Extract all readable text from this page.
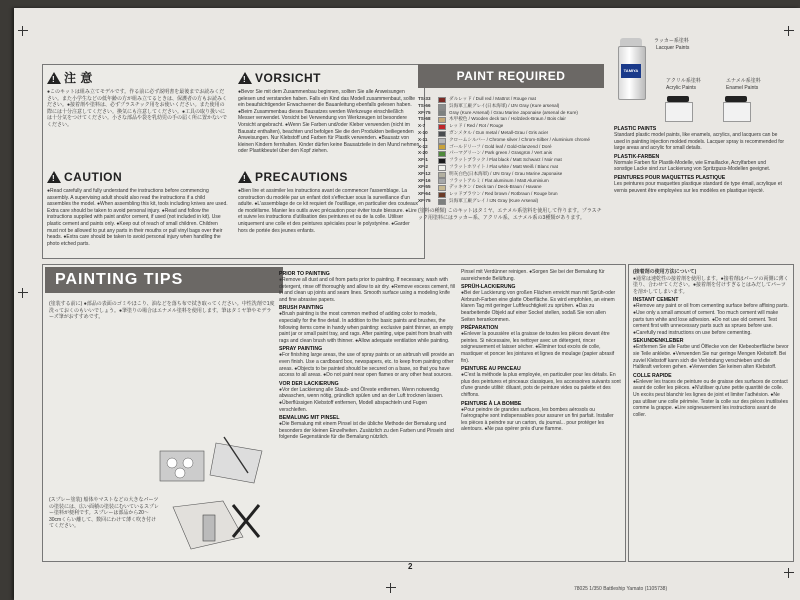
! 注 意
●このキットは組み立てモデルです。作る前に必ず説明書を最後までお読みください。また小学生などの低年齢の方が組み立てるときは、保護者の方もお読みください。●接着剤や塗料は、必ずプラスチック用をお使いください。また使用の際には十分注意してください。換気にも注意してください。●工具の取り扱いには十分気をつけてください。小さな部品や袋を乳幼児の手の届く所に置かないでください。
! VORSICHT
●Bevor Sie mit dem Zusammenbau beginnen, sollten Sie alle Anweisungen gelesen und verstanden haben. Falls ein Kind das Modell zusammenbaut, sollte ein beaufsichtigender Erwachsener die Bauanleitung ebenfalls gelesen haben. ●Beim Zusammenbau dieses Bausatzes werden Werkzeuge einschließlich Messer verwendet. Vorsicht bei Verwendung von Werkzeugen ist besondere Vorsicht angebracht. ●Wenn Sie Farben und/oder Kleber verwenden (nicht im Bausatz enthalten), beachten und befolgen Sie die den Produkten beiliegenden Anweisungen. Nur Klebstoff und Farben für Plastik verwenden. ●Bausatz von kleinen Kindern fernhalten. Kinder dürfen keine Bausatzteile in den Mund nehmen oder Plastikbeutel über den Kopf ziehen.
! CAUTION
●Read carefully and fully understand the instructions before commencing assembly. A supervising adult should also read the instructions if a child assembles the model. ●When assembling this kit, tools including knives are used. Extra care should be taken to avoid personal injury. ●Read and follow the instructions supplied with paint and/or cement, if used (not included in kit). Use plastic cement and paints only. ●Keep out of reach of small children. Children must not be allowed to put any parts in their mouths or pull vinyl bags over their heads. ●Extra care should be taken to avoid personal injury when handling the photo etched parts.
! PRECAUTIONS
●Bien lire et assimiler les instructions avant de commencer l'assemblage. La construction du modèle par un enfant doit s'effectuer sous la surveillance d'un adulte. ●L'assemblage de ce kit requiert de l'outillage, en particulier des couteaux de modélisme. Manier les outils avec précaution pour éviter toute blessure. ●Lire et suivre les instructions d'utilisation des peintures et ou de la colle. Utiliser uniquement une colle et des peintures spéciales pour le polystyrène. ●Garder hors de portée des jeunes enfants.
PAINT REQUIRED
TS-33	ダルレッド / Dull red / Mattrot / Rouge mat
TS-66	呉海軍工廠グレイ(日本海軍) / IJN Gray (Kure arsenal)
XF-75	Gray (Kure Arsenal) / Grau Marine Japonaise (arsenal de Kure)
TS-68	木甲板色 / Wooden deck tan / Holzdeck-Braun / Bois clair
X-7	レッド / Red / Rot / Rouge
X-10	ガンメタル / Gun metal / Metall-Grau / Gris acier
X-11	クロームシルバー / Chrome silver / Chrom-Silber / Aluminium chromé
X-12	ゴールドリーフ / Gold leaf / Gold-Glanzend / Doré
X-20	パーマグリーン / Park green / Grasgrün / Vert anis
XF-1	フラットブラック / Flat black / Matt Schwarz / Noir mat
XF-2	フラットホワイト / Flat white / Matt Weiß / Blanc mat
XF-12	明灰白色(日本海軍) / IJN Gray / Grau Marine Japonaise
XF-16	フラットアルミ / Flat aluminum / Matt Aluminium
XF-55	デッキタン / Deck tan / Deck-Braun / Havane
XF-64	レッドブラウン / Red brown / Rotbraun / Rouge brun
XF-75	呉海軍工廠グレイ / IJN Gray (Kure Arsenal)
(塗料の種類) このキットはタミヤ、エナメル系塗料を使用して作ります。プラスチック用塗料にはラッカー系、アクリル系、エナメル系の3種類があります。
TAMIYA
ラッカー系塗料
Lacquer Paints
アクリル系塗料
Acrylic Paints
エナメル系塗料
Enamel Paints
PLASTIC PAINTS
Standard plastic model paints, like enamels, acrylics, and lacquers can be used in painting injection molded models. Lacquer spray is recommended for large areas and acrylic for small details.
PLASTIK-FARBEN
Normale Farben für Plastik-Modelle, wie Emaillacke, Acrylfarben und sonstige Lacke sind zur Lackierung von Spritzguss-Modellen geeignet.
PEINTURES POUR MAQUETTES PLASTIQUE
Les peintures pour maquettes plastique standard de type émail, acrylique et vernis peuvent être employées sur les modèles en plastique injecté.
PAINTING TIPS
(塗装する前に) ●部品の表面のゴミやほこり、油などを落ち布で拭き取ってください。中性洗剤で1度洗っておくのもいいでしょう。●筆塗りの場合はエナメル塗料を使用します。筆はタミヤ筆やモデラーズ筆がおすすめです。
(スプレー塗装) 船体やマストなどの大きなパーツの塗装には、広い面積の塗装にむいているスプレー塗料が便利です。スプレーは部品から20～30cmくらい離して、数回にわけて薄く吹き付けてください。
PRIOR TO PAINTING
●Remove all dust and oil from parts prior to painting. If necessary, wash with detergent, rinse off thoroughly and allow to air dry. ●Remove excess cement, fill in and clean up joints and seam lines. Smooth surface using a modeling knife and fine abrasive papers.
BRUSH PAINTING
●Brush painting is the most common method of adding color to models, especially for the fine detail. In addition to the basic paints and brushes, the following items come in handy when painting: exclusive paint thinner, an empty paint jar or small paint tray, and rags. After painting, wipe paint from brush with rags and clean brush with thinner. ●Allow adequate ventilation while painting.
SPRAY PAINTING
●For finishing large areas, the use of spray paints or an airbrush will provide an even finish. Use a cardboard box, newspapers, etc. to keep from painting other areas. ●Objects to be painted should be secured on a base, so that you have access to all areas. ●Do not paint near open flames or any other heat sources.
VOR DER LACKIERUNG
●Vor der Lackierung alle Staub- und Ölreste entfernen. Wenn notwendig abwaschen, wenn nötig, gründlich spülen und an der Luft trocknen lassen. ●Überflüssigen Klebstoff entfernen, Modell abspachteln und Fugen verschleifen.
BEMALUNG MIT PINSEL
●Die Bemalung mit einem Pinsel ist die übliche Methode der Bemalung und besonders der kleinen Einzelheiten. Zusätzlich zu den Farben und Pinseln sind folgende Gegenstände für die Bemalung nützlich.
Pinsel mit Verdünner reinigen. ●Sorgen Sie bei der Bemalung für ausreichende Belüftung.
SPRÜH-LACKIERUNG
●Bei der Lackierung von großen Flächen erreicht man mit Sprüh-oder Airbrush-Farben eine glatte Oberfläche. Es wird empfohlen, an einem klaren Tag mit geringer Luftfeuchtigkeit zu sprühen. ●Das zu bearbeitende Objekt auf einer Sockel stellen, sodaß Sie von allen Seiten herankommen.
PRÉPARATION
●Enlever la poussière et la graisse de toutes les pièces devant être peintes. Si nécessaire, les nettoyer avec un détergent, rincer soigneusement et laisser sécher. ●Éliminer tout excès de colle, mastiquer et poncer les jointures et lignes de moulage (papier abrasif fin).
PEINTURE AU PINCEAU
●C'est la méthode la plus employée, en particulier pour les détails. En plus des peintures et pinceaux classiques, les accessoires suivants sont d'une grande utilité: diluant, pots de peinture vides ou palette et des chiffons.
PEINTURE À LA BOMBE
●Pour peindre de grandes surfaces, les bombes aérosols ou l'aérographe sont indispensables pour assurer un fini parfait. Installer les pièces à peindre sur un carton, du journal... pour protéger les alentours. ●Ne pas opérer près d'une flamme.
(接着剤の使用方法について)
●通常は速乾性の接着剤を使用します。●接着剤はパーツの両側に薄く塗り、合わせてください。●接着剤を付けすぎるとはみだしてパーツを溶かしてしまいます。
INSTANT CEMENT
●Remove any paint or oil from cementing surface before affixing parts. ●Use only a small amount of cement. Too much cement will make parts turn white and lose adhesion. ●Do not use old cement. Test cement first with unnecessary parts such as sprues before use. ●Carefully read instructions on use before cementing.
SEKUNDENKLEBER
●Entfernen Sie alle Farbe und Ölflecke von der Klebeoberfläche bevor sie Teile anklebe. ●Verwenden Sie nur geringe Mengen Klebstoff. Bei zuviel Klebstoff kann sich die Verbindung verschieben und die Haltkraft verloren gehen. ●Verwenden Sie keinen alten Klebstoff.
COLLE RAPIDE
●Enlever les traces de peinture ou de graisse des surfaces de contact avant de coller les pièces. ●N'utiliser qu'une petite quantité de colle. Un excès peut blanchir les lignes de joint et limiter l'adhésion. ●Ne pas utiliser une colle périmée. Tester la colle sur des pièces inutilisées comme la grappe. ●Lire soigneusement les instructions avant de coller.
2
78025 1/350 Battleship Yamato (1105738)
